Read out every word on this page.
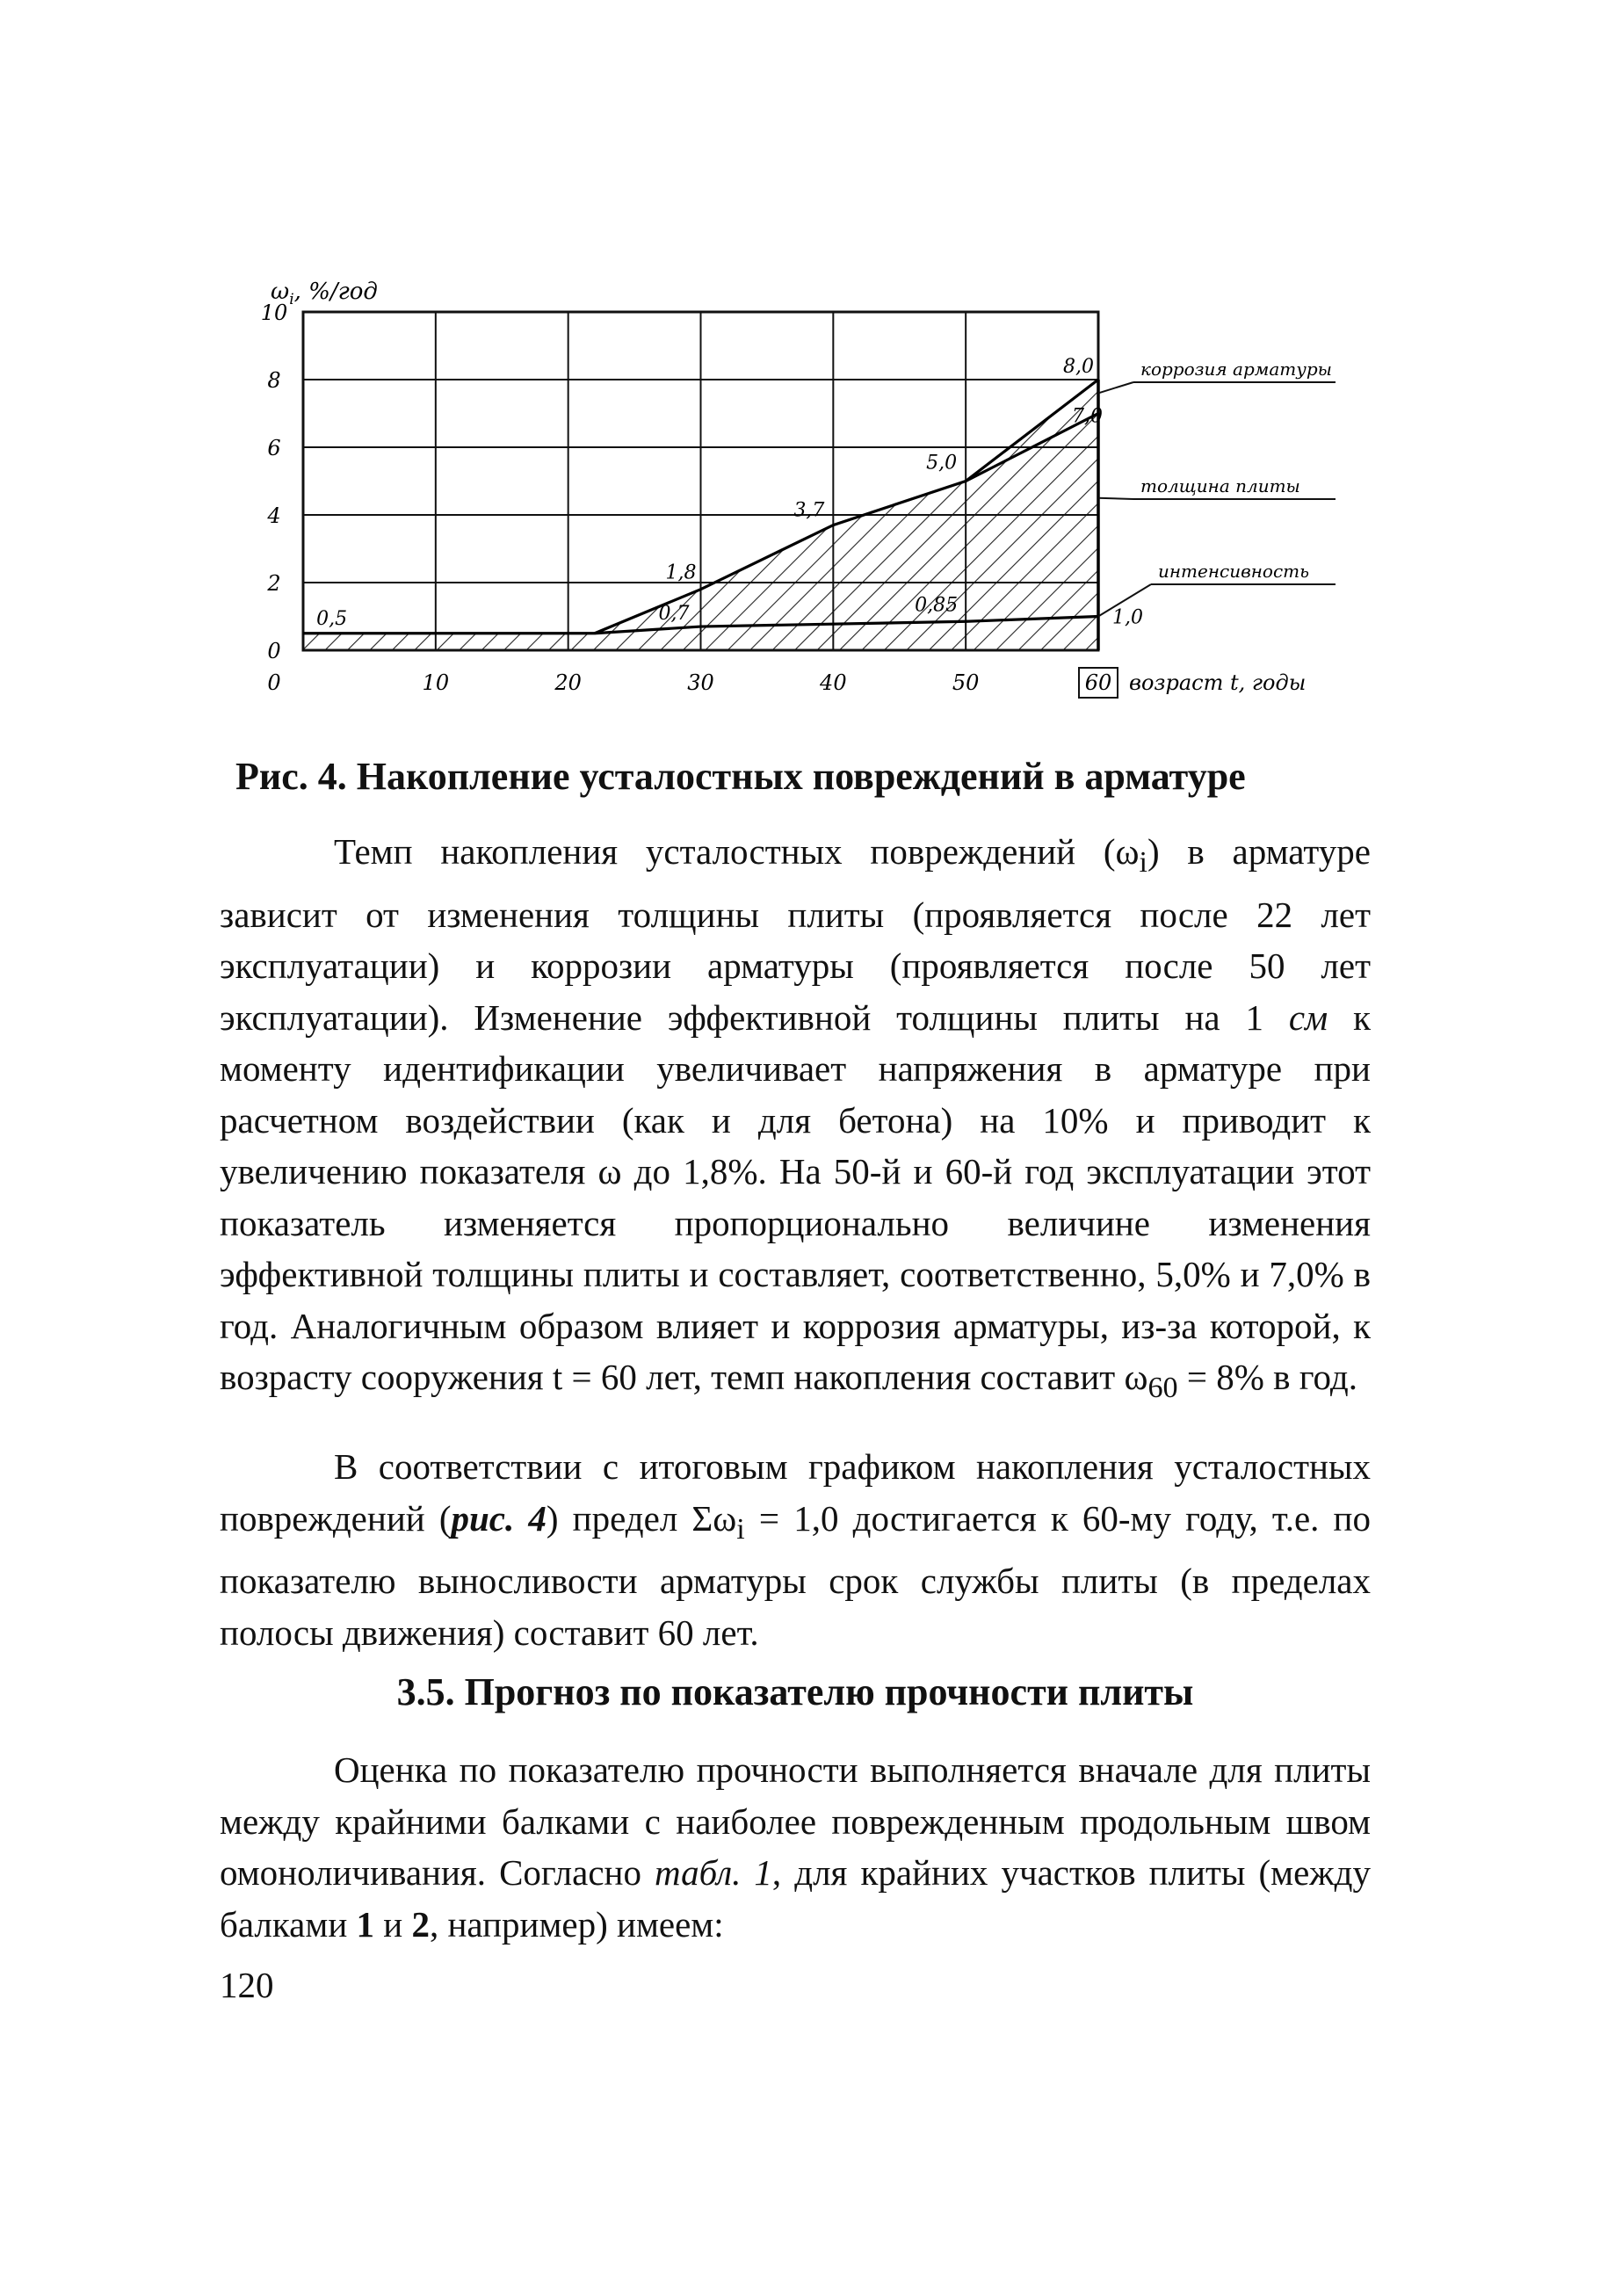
10
8
6
4
2
0
10	20	30	40	50	60
0	возраст t, годы
0,5	0,7
1,8
3,7
5,0
0,85
7,0
8,0
1,0
коррозия арматуры
толщина плиты
интенсивность
$\omega_i$, %/год
Рис. 4. Накопление усталостных повреждений в арматуре

Темп накопления усталостных повреждений $(\omega_i)$ в арматуре зависит от изменения толщины плиты (проявляется после 22 лет эксплуатации) и коррозии арматуры (проявляется после 50 лет эксплуатации). Изменение эффективной толщины плиты на 1 см к моменту идентификации увеличивает напряжения в арматуре при расчетном воздействии (как и для бетона) на 10% и приводит к увеличению показателя ω до 1,8%. На 50-й и 60-й год эксплуатации этот показатель изменяется пропорционально величине изменения эффективной толщины плиты и составляет, соответственно, 5,0% и 7,0% в год. Аналогичным образом влияет и коррозия арматуры, из-за которой, к возрасту сооружения t = 60 лет, темп накопления составит $\omega_{60} = 8\%$ в год.

В соответствии с итоговым графиком накопления усталостных повреждений (рис. 4) предел $\Sigma\omega_i = 1,0$ достигается к 60-му году, т.е. по показателю выносливости арматуры срок службы плиты (в пределах полосы движения) составит 60 лет.

3.5. Прогноз по показателю прочности плиты

Оценка по показателю прочности выполняется вначале для плиты между крайними балками с наиболее поврежденным продольным швом омоноличивания. Согласно табл. 1, для крайних участков плиты (между балками 1 и 2, например) имеем:

120
